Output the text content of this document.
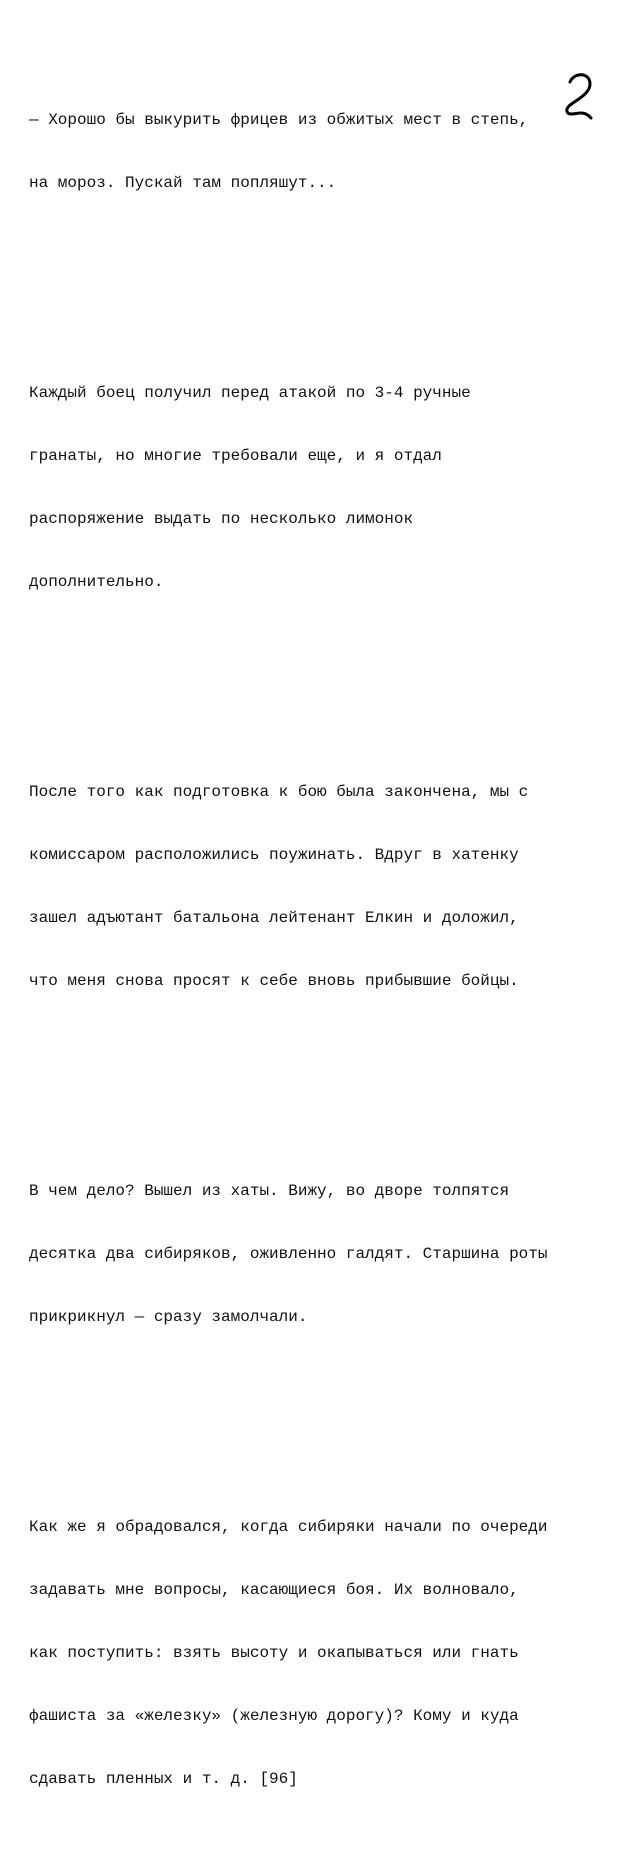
— Хорошо бы выкурить фрицев из обжитых мест в степь,

на мороз. Пускай там попляшут...

Каждый боец получил перед атакой по 3-4 ручные

гранаты, но многие требовали еще, и я отдал

распоряжение выдать по несколько лимонок

дополнительно.

После того как подготовка к бою была закончена, мы с

комиссаром расположились поужинать. Вдруг в хатенку

зашел адъютант батальона лейтенант Елкин и доложил,

что меня снова просят к себе вновь прибывшие бойцы.

В чем дело? Вышел из хаты. Вижу, во дворе толпятся

десятка два сибиряков, оживленно галдят. Старшина роты

прикрикнул — сразу замолчали.

Как же я обрадовался, когда сибиряки начали по очереди

задавать мне вопросы, касающиеся боя. Их волновало,

как поступить: взять высоту и окапываться или гнать

фашиста за «железку» (железную дорогу)? Кому и куда

сдавать пленных и т. д. [96]
